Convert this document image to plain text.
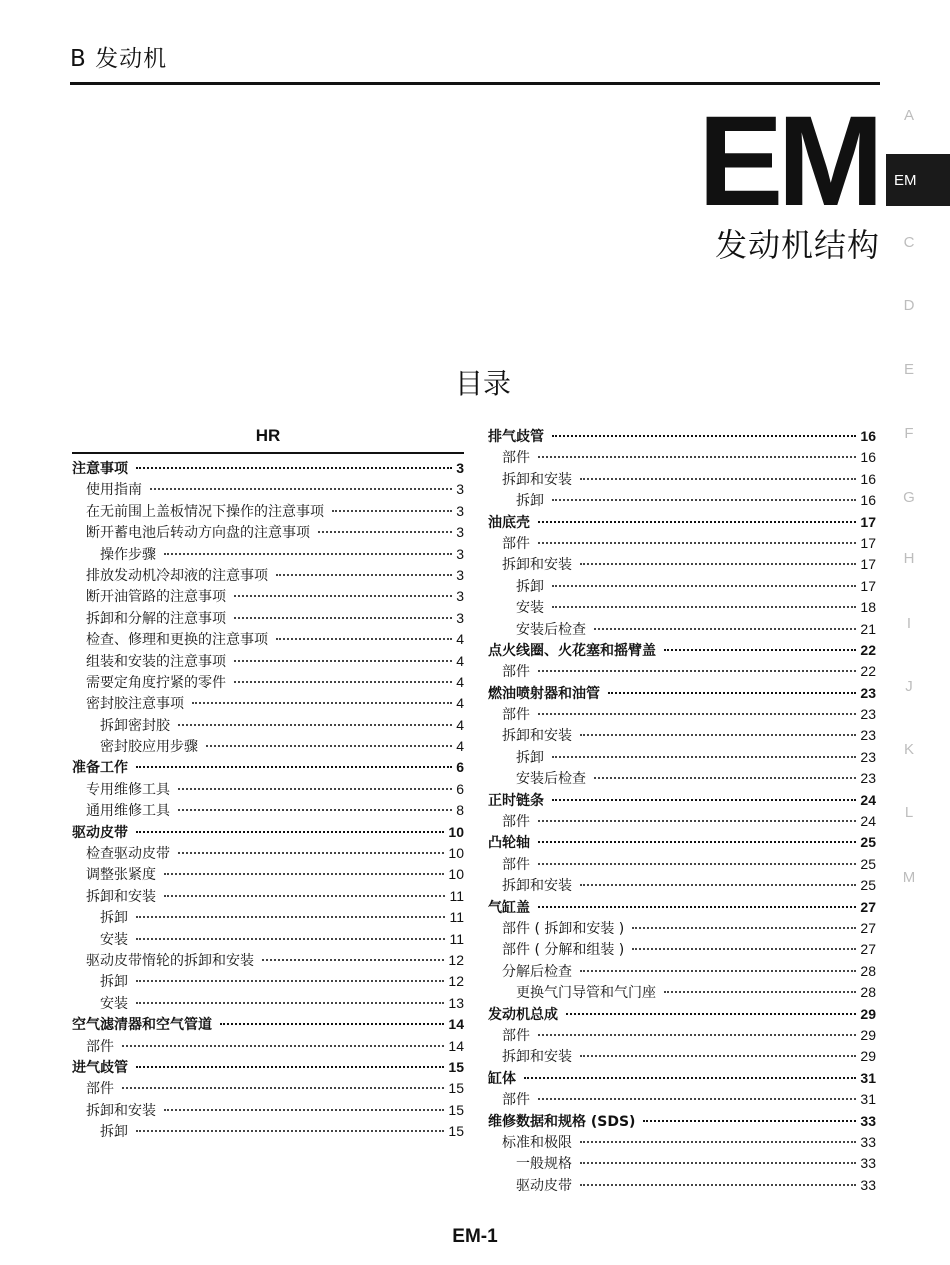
B 发动机
EM
发动机结构
目录
A
EM
C
D
E
F
G
H
I
J
K
L
M
HR
注意事项	3
使用指南	3
在无前围上盖板情况下操作的注意事项	3
断开蓄电池后转动方向盘的注意事项	3
操作步骤	3
排放发动机冷却液的注意事项	3
断开油管路的注意事项	3
拆卸和分解的注意事项	3
检查、修理和更换的注意事项	4
组装和安装的注意事项	4
需要定角度拧紧的零件	4
密封胶注意事项	4
拆卸密封胶	4
密封胶应用步骤	4
准备工作	6
专用维修工具	6
通用维修工具	8
驱动皮带	10
检查驱动皮带	10
调整张紧度	10
拆卸和安装	11
拆卸	11
安装	11
驱动皮带惰轮的拆卸和安装	12
拆卸	12
安装	13
空气滤清器和空气管道	14
部件	14
进气歧管	15
部件	15
拆卸和安装	15
拆卸	15
排气歧管	16
部件	16
拆卸和安装	16
拆卸	16
油底壳	17
部件	17
拆卸和安装	17
拆卸	17
安装	18
安装后检查	21
点火线圈、火花塞和摇臂盖	22
部件	22
燃油喷射器和油管	23
部件	23
拆卸和安装	23
拆卸	23
安装后检查	23
正时链条	24
部件	24
凸轮轴	25
部件	25
拆卸和安装	25
气缸盖	27
部件 ( 拆卸和安装 )	27
部件 ( 分解和组装 )	27
分解后检查	28
更换气门导管和气门座	28
发动机总成	29
部件	29
拆卸和安装	29
缸体	31
部件	31
维修数据和规格 (SDS)	33
标准和极限	33
一般规格	33
驱动皮带	33
EM-1
